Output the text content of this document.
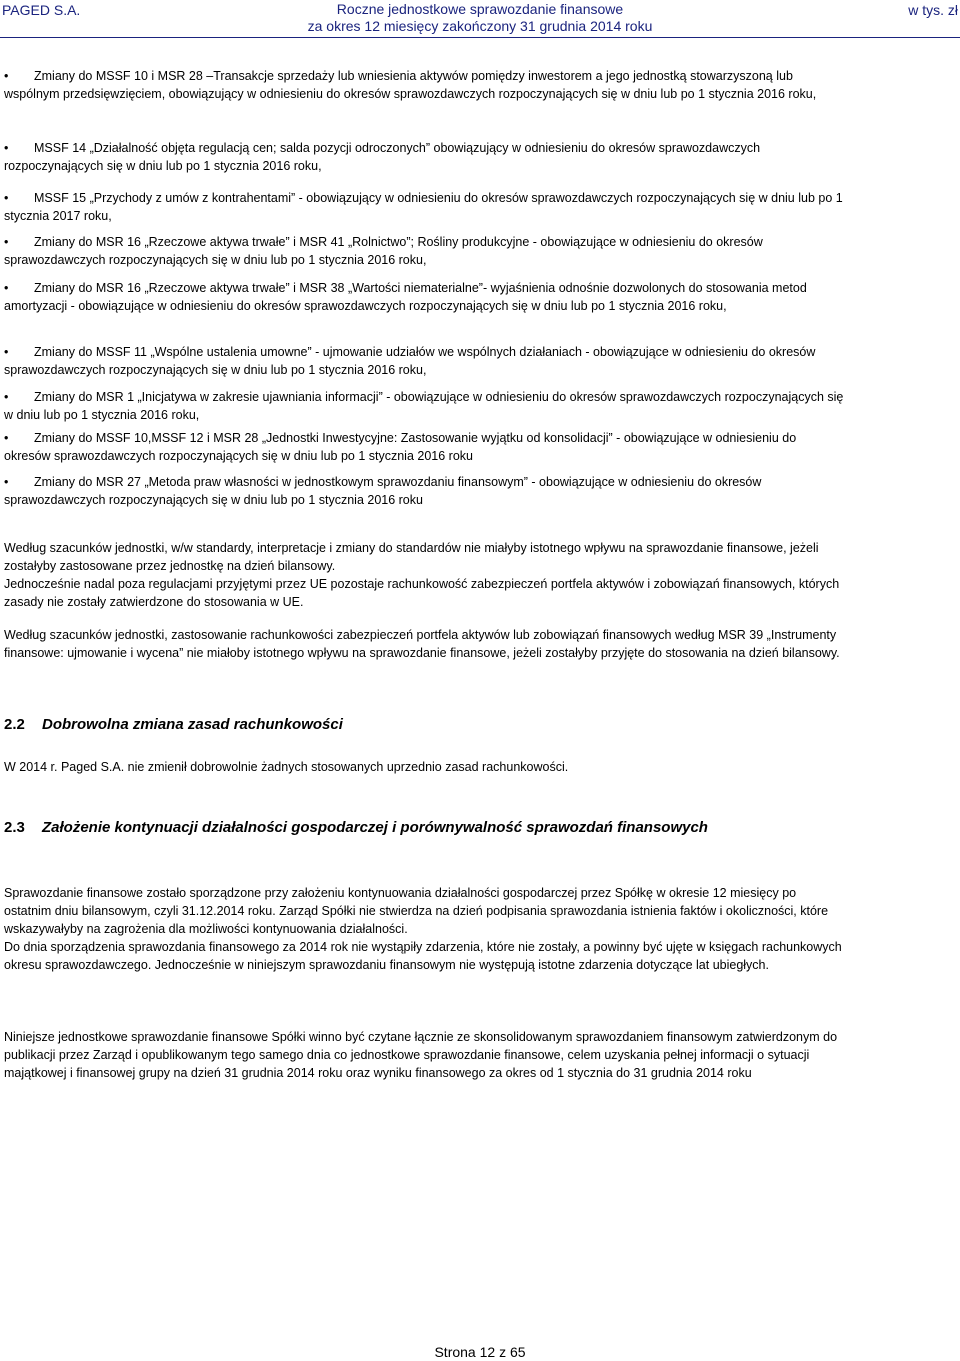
PAGED S.A.	Roczne jednostkowe sprawozdanie finansowe
za okres 12 miesięcy zakończony 31 grudnia 2014 roku
w tys. zł
•	Zmiany do MSSF 10 i MSR 28 –Transakcje sprzedaży lub wniesienia aktywów pomiędzy inwestorem a jego jednostką stowarzyszoną lub wspólnym przedsięwzięciem, obowiązujący w odniesieniu do okresów sprawozdawczych rozpoczynających się w dniu lub po 1 stycznia 2016 roku,
•	MSSF 14 „Działalność objęta regulacją cen; salda pozycji odroczonych” obowiązujący w odniesieniu do okresów sprawozdawczych rozpoczynających się w dniu lub po 1 stycznia 2016 roku,
•	MSSF 15 „Przychody z umów z kontrahentami” - obowiązujący w odniesieniu do okresów sprawozdawczych rozpoczynających się w dniu lub po 1 stycznia 2017 roku,
•	Zmiany do MSR 16 „Rzeczowe aktywa trwałe” i MSR 41 „Rolnictwo”; Rośliny produkcyjne - obowiązujące w odniesieniu do okresów sprawozdawczych rozpoczynających się w dniu lub po 1 stycznia 2016 roku,
•	Zmiany do MSR 16 „Rzeczowe aktywa trwałe” i MSR 38 „Wartości niematerialne”- wyjaśnienia odnośnie dozwolonych do stosowania metod amortyzacji - obowiązujące w odniesieniu do okresów sprawozdawczych rozpoczynających się w dniu lub po 1 stycznia 2016 roku,
•	Zmiany do MSSF 11 „Wspólne ustalenia umowne” - ujmowanie udziałów we wspólnych działaniach - obowiązujące w odniesieniu do okresów sprawozdawczych rozpoczynających się w dniu lub po 1 stycznia 2016 roku,
•	Zmiany do MSR 1 „Inicjatywa w zakresie ujawniania informacji” - obowiązujące w odniesieniu do okresów sprawozdawczych rozpoczynających się w dniu lub po 1 stycznia 2016 roku,
•	Zmiany do MSSF 10,MSSF 12 i MSR 28 „Jednostki Inwestycyjne: Zastosowanie wyjątku od konsolidacji” - obowiązujące w odniesieniu do okresów sprawozdawczych rozpoczynających się w dniu lub po 1 stycznia 2016 roku
•	Zmiany do MSR 27 „Metoda praw własności w jednostkowym sprawozdaniu finansowym” - obowiązujące w odniesieniu do okresów sprawozdawczych rozpoczynających się w dniu lub po 1 stycznia 2016 roku
Według szacunków jednostki, w/w standardy, interpretacje i zmiany do standardów nie miałyby istotnego wpływu na sprawozdanie finansowe, jeżeli zostałyby zastosowane przez jednostkę na dzień bilansowy.
Jednocześnie nadal poza regulacjami przyjętymi przez UE pozostaje rachunkowość zabezpieczeń portfela aktywów i zobowiązań finansowych, których zasady nie zostały zatwierdzone do stosowania w UE.
Według szacunków jednostki, zastosowanie rachunkowości zabezpieczeń portfela aktywów lub zobowiązań finansowych według MSR 39 „Instrumenty finansowe: ujmowanie i wycena” nie miałoby istotnego wpływu na sprawozdanie finansowe, jeżeli zostałyby przyjęte do stosowania na dzień bilansowy.
2.2 Dobrowolna zmiana zasad rachunkowości
W 2014 r. Paged S.A. nie zmienił dobrowolnie żadnych stosowanych uprzednio zasad rachunkowości.
2.3 Założenie kontynuacji działalności gospodarczej i porównywalność sprawozdań finansowych
Sprawozdanie finansowe zostało sporządzone przy założeniu kontynuowania działalności gospodarczej przez Spółkę w okresie 12 miesięcy po ostatnim dniu bilansowym, czyli 31.12.2014 roku. Zarząd Spółki nie stwierdza na dzień podpisania sprawozdania istnienia faktów i okoliczności, które wskazywałyby na zagrożenia dla możliwości kontynuowania działalności.
Do dnia sporządzenia sprawozdania finansowego za 2014 rok nie wystąpiły zdarzenia, które nie zostały, a powinny być ujęte w księgach rachunkowych okresu sprawozdawczego. Jednocześnie w niniejszym sprawozdaniu finansowym nie występują istotne zdarzenia dotyczące lat ubiegłych.
Niniejsze jednostkowe sprawozdanie finansowe Spółki winno być czytane łącznie ze skonsolidowanym sprawozdaniem finansowym zatwierdzonym do publikacji przez Zarząd i opublikowanym tego samego dnia co jednostkowe sprawozdanie finansowe, celem uzyskania pełnej informacji o sytuacji majątkowej i finansowej grupy na dzień 31 grudnia 2014 roku oraz wyniku finansowego za okres od 1 stycznia do 31 grudnia 2014 roku
Strona 12 z 65
